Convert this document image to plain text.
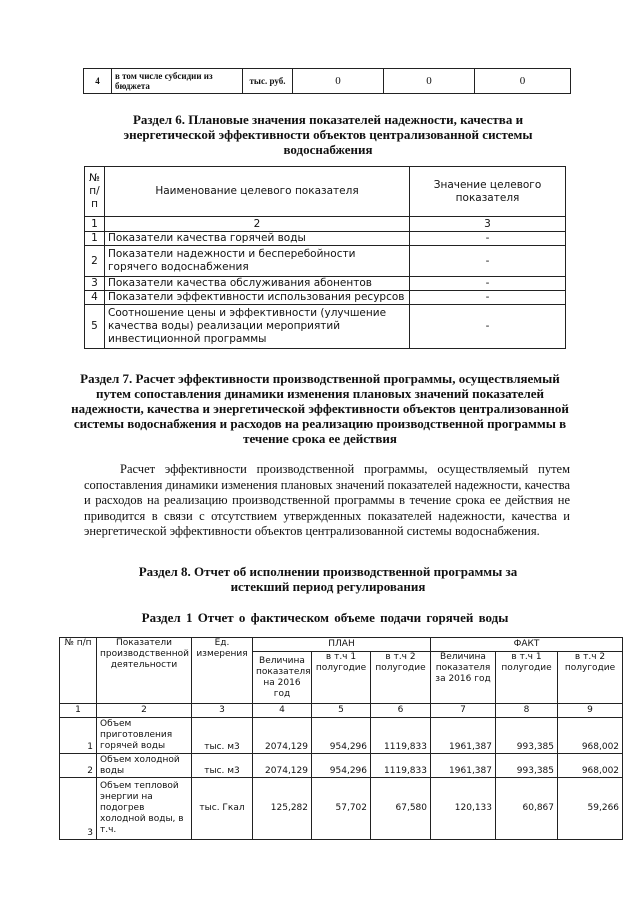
4	в том числе субсидии из бюджета	тыс. руб.	0	0	0
Раздел 6. Плановые значения показателей надежности, качества и энергетической эффективности объектов централизованной системы водоснабжения
№ п/ п	Наименование целевого показателя	Значение целевого показателя
1	2	3
1	Показатели качества горячей воды	-
2	Показатели надежности и бесперебойности горячего водоснабжения	-
3	Показатели качества обслуживания абонентов	-
4	Показатели эффективности использования ресурсов	-
5	Соотношение цены и эффективности (улучшение качества воды) реализации мероприятий инвестиционной программы	-
Раздел 7. Расчет эффективности производственной программы, осуществляемый путем сопоставления динамики изменения плановых значений показателей надежности, качества и энергетической эффективности объектов централизованной системы водоснабжения и расходов на реализацию производственной программы в течение срока ее действия
Расчет эффективности производственной программы, осуществляемый путем сопоставления динамики изменения плановых значений показателей надежности, качества и расходов на реализацию производственной программы в течение срока ее действия не приводится в связи с отсутствием утвержденных показателей надежности, качества и энергетической эффективности объектов централизованной системы водоснабжения.
Раздел 8. Отчет об исполнении производственной программы за истекший период регулирования
Раздел 1 Отчет о фактическом объеме подачи горячей воды
№ п/п	Показатели производственной деятельности	Ед. измерения	ПЛАН			ФАКТ		
			Величина показателя на 2016 год	в т.ч 1 полугодие	в т.ч 2 полугодие	Величина показателя за 2016 год	в т.ч 1 полугодие	в т.ч 2 полугодие
1	2	3	4	5	6	7	8	9
1	Объем приготовления горячей воды	тыс. м3	2074,129	954,296	1119,833	1961,387	993,385	968,002
2	Объем холодной воды	тыс. м3	2074,129	954,296	1119,833	1961,387	993,385	968,002
3	Объем тепловой энергии на подогрев холодной воды, в т.ч.	тыс. Гкал	125,282	57,702	67,580	120,133	60,867	59,266
